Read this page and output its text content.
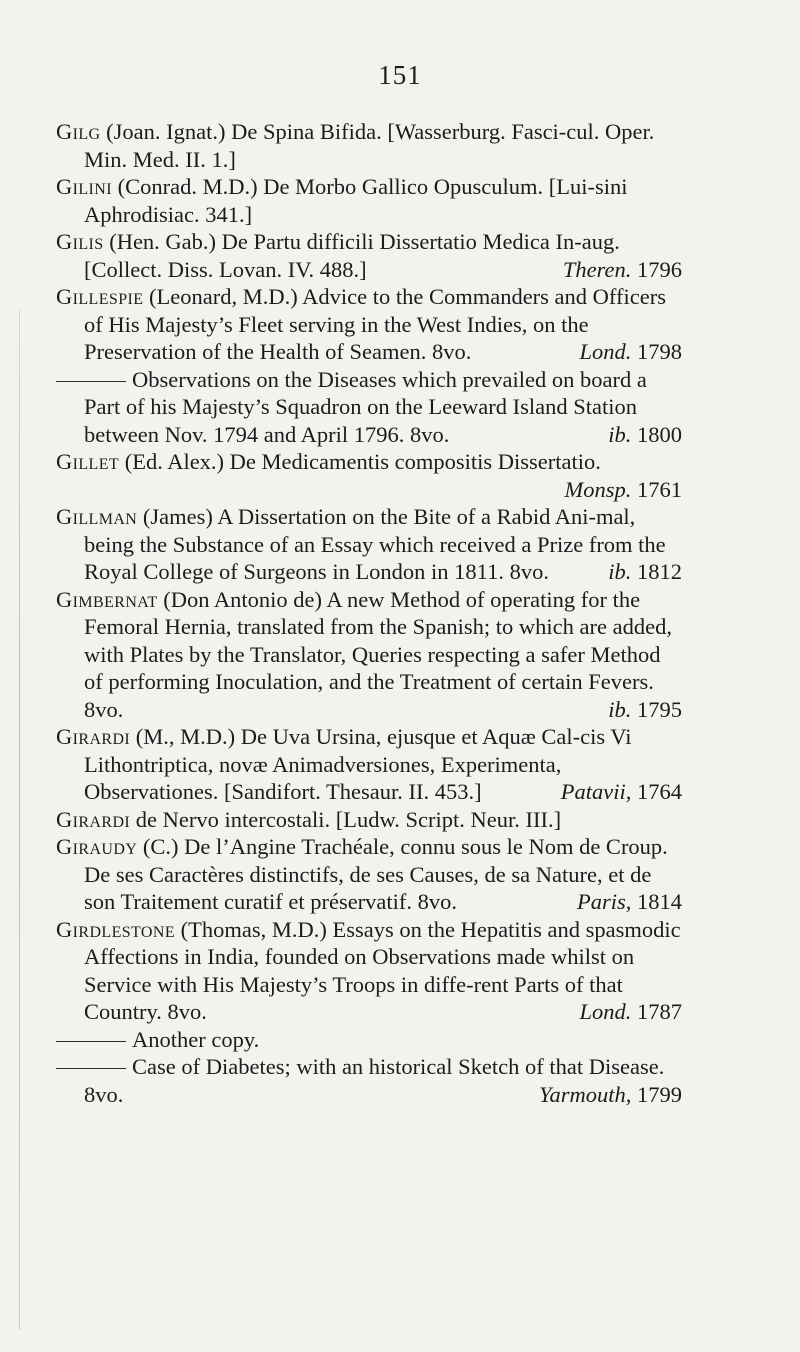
151

Gilg (Joan. Ignat.) De Spina Bifida. [Wasserburg. Fasci-cul. Oper. Min. Med. II. 1.]

Gilini (Conrad. M.D.) De Morbo Gallico Opusculum. [Lui-sini Aphrodisiac. 341.]

Gilis (Hen. Gab.) De Partu difficili Dissertatio Medica In-aug. [Collect. Diss. Lovan. IV. 488.]	Theren. 1796

Gillespie (Leonard, M.D.) Advice to the Commanders and Officers of His Majesty’s Fleet serving in the West Indies, on the Preservation of the Health of Seamen. 8vo.	Lond. 1798

Observations on the Diseases which prevailed on board a Part of his Majesty’s Squadron on the Leeward Island Station between Nov. 1794 and April 1796. 8vo.	ib. 1800

Gillet (Ed. Alex.) De Medicamentis compositis Dissertatio.
Monsp. 1761

Gillman (James) A Dissertation on the Bite of a Rabid Ani-mal, being the Substance of an Essay which received a Prize from the Royal College of Surgeons in London in 1811. 8vo.	ib. 1812

Gimbernat (Don Antonio de) A new Method of operating for the Femoral Hernia, translated from the Spanish; to which are added, with Plates by the Translator, Queries respecting a safer Method of performing Inoculation, and the Treatment of certain Fevers. 8vo.	ib. 1795

Girardi (M., M.D.) De Uva Ursina, ejusque et Aquæ Cal-cis Vi Lithontriptica, novæ Animadversiones, Experimenta, Observationes. [Sandifort. Thesaur. II. 453.]	Patavii, 1764

Girardi de Nervo intercostali. [Ludw. Script. Neur. III.]

Giraudy (C.) De l’Angine Trachéale, connu sous le Nom de Croup. De ses Caractères distinctifs, de ses Causes, de sa Nature, et de son Traitement curatif et préservatif. 8vo.	Paris, 1814

Girdlestone (Thomas, M.D.) Essays on the Hepatitis and spasmodic Affections in India, founded on Observations made whilst on Service with His Majesty’s Troops in diffe-rent Parts of that Country. 8vo.	Lond. 1787

Another copy.

Case of Diabetes; with an historical Sketch of that Disease. 8vo.	Yarmouth, 1799
